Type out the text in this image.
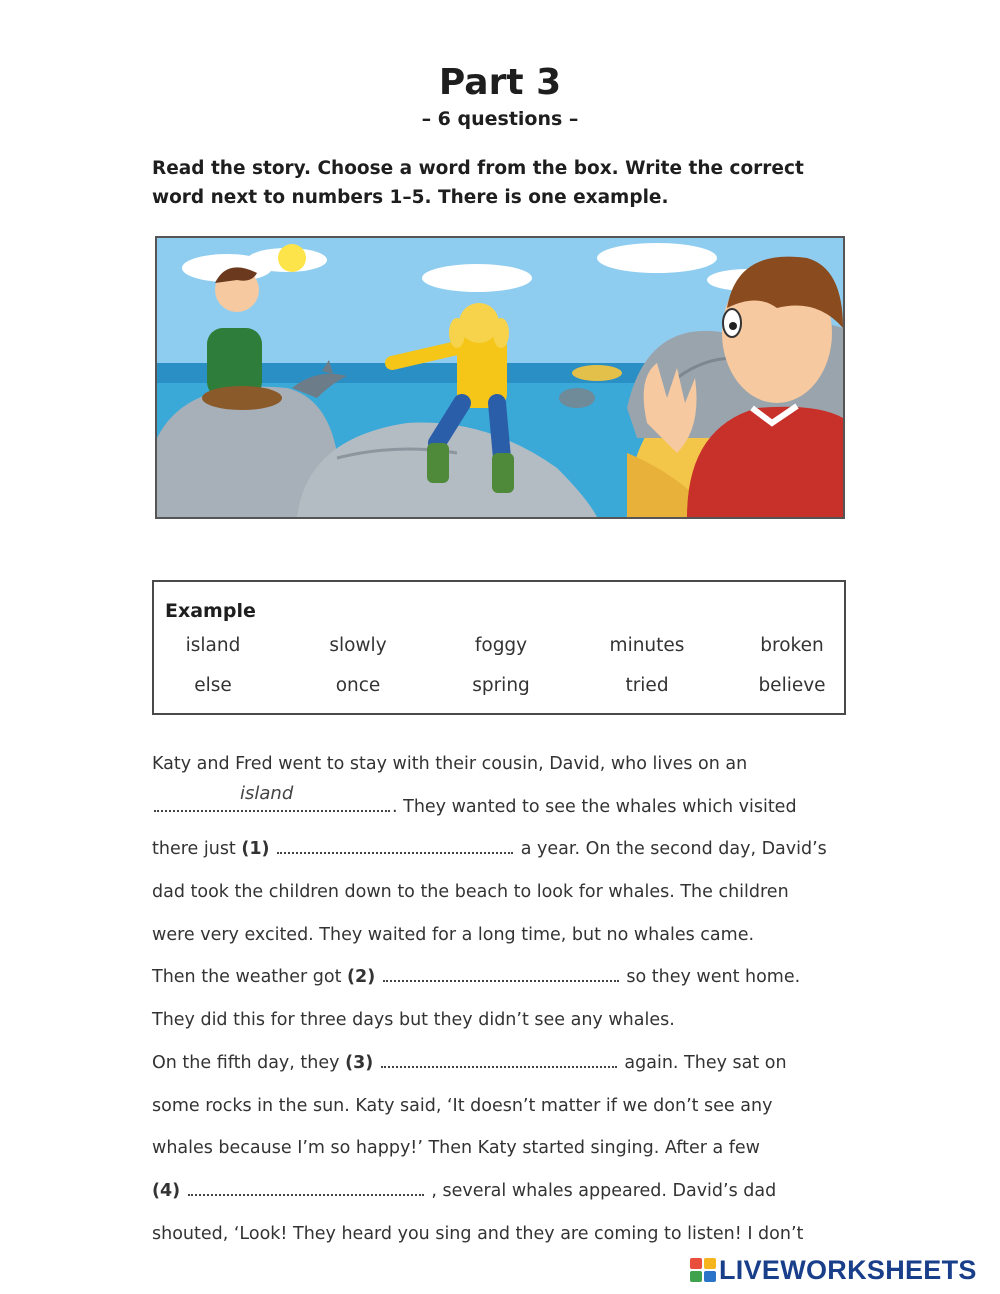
Part 3
– 6 questions –
Read the story. Choose a word from the box. Write the correct word next to numbers 1–5. There is one example.
Example
island	slowly	foggy	minutes	broken
else	once	spring	tried	believe
Katy and Fred went to stay with their cousin, David, who lives on an
island
. They wanted to see the whales which visited
there just (1)	a year. On the second day, David’s
dad took the children down to the beach to look for whales. The children
were very excited. They waited for a long time, but no whales came.
Then the weather got (2)	so they went home.
They did this for three days but they didn’t see any whales.
On the fifth day, they (3)	again. They sat on
some rocks in the sun. Katy said, ‘It doesn’t matter if we don’t see any
whales because I’m so happy!’ Then Katy started singing. After a few
(4)	, several whales appeared. David’s dad
shouted, ‘Look! They heard you sing and they are coming to listen! I don’t
LIVEWORKSHEETS
